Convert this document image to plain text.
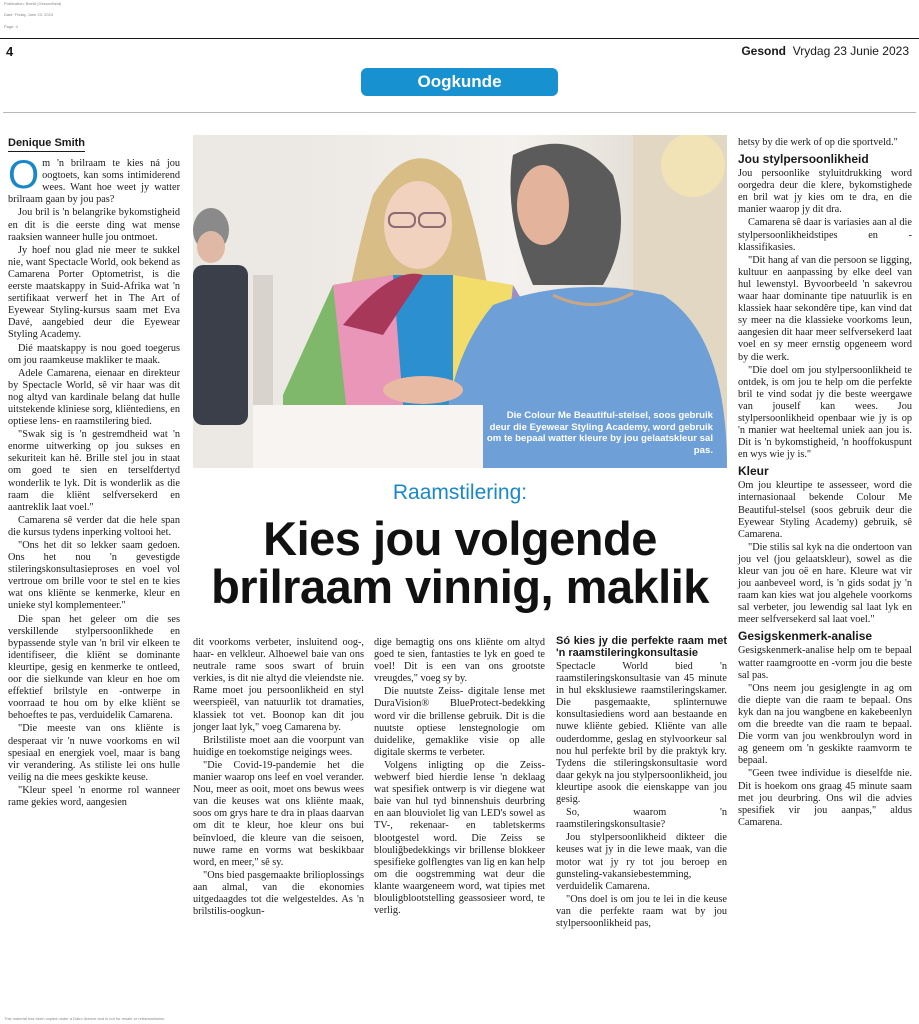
Publication: Beeld (Gesondheid)
Date: Friday, June 23, 2023
Page: 4
4	Gesond Vrydag 23 Junie 2023
Oogkunde
Die Colour Me Beautiful-stelsel, soos gebruik deur die Eyewear Styling Academy, word gebruik om te bepaal watter kleure by jou gelaatskleur sal pas.
Raamstilering:
Kies jou volgende brilraam vinnig, maklik
Denique Smith

Om 'n brilraam te kies ná jou oogtoets, kan soms intimiderend wees. Want hoe weet jy watter brilraam gaan by jou pas?

Jou bril is 'n belangrike bykomstigheid en dit is die eerste ding wat mense raaksien wanneer hulle jou ontmoet.

Jy hoef nou glad nie meer te sukkel nie, want Spectacle World, ook bekend as Camarena Porter Optometrist, is die eerste maatskappy in Suid-Afrika wat 'n sertifikaat verwerf het in The Art of Eyewear Styling-kursus saam met Eva Davé, aangebied deur die Eyewear Styling Academy.

Dié maatskappy is nou goed toegerus om jou raamkeuse makliker te maak.

Adele Camarena, eienaar en direkteur by Spectacle World, sê vir haar was dit nog altyd van kardinale belang dat hulle uitstekende kliniese sorg, kliëntediens, en optiese lens- en raamstilering bied.

"Swak sig is 'n gestremdheid wat 'n enorme uitwerking op jou sukses en sekuriteit kan hê. Brille stel jou in staat om goed te sien en terselfdertyd wonderlik te lyk. Dit is wonderlik as die raam die kliënt selfversekerd en aantreklik laat voel."

Camarena sê verder dat die hele span die kursus tydens inperking voltooi het.

"Ons het dit so lekker saam gedoen. Ons het nou 'n gevestigde stileringskonsultasieproses en voel vol vertroue om brille voor te stel en te kies wat ons kliënte se kenmerke, kleur en unieke styl komplementeer."

Die span het geleer om die ses verskillende stylpersoonlikhede en bypassende style van 'n bril vir elkeen te identifiseer, die kliënt se dominante kleurtipe, gesig en kenmerke te ontleed, oor die sielkunde van kleur en hoe om effektief brilstyle en -ontwerpe in voorraad te hou om by elke kliënt se behoeftes te pas, verduidelik Camarena.

"Die meeste van ons kliënte is desperaat vir 'n nuwe voorkoms en wil spesiaal en energiek voel, maar is bang vir verandering. As stiliste lei ons hulle veilig na die mees geskikte keuse.

"Kleur speel 'n enorme rol wanneer rame gekies word, aangesien

dit voorkoms verbeter, insluitend oog-, haar- en velkleur. Alhoewel baie van ons neutrale rame soos swart of bruin verkies, is dit nie altyd die vleiendste nie. Rame moet jou persoonlikheid en styl weerspieël, van natuurlik tot dramaties, klassiek tot vet. Boonop kan dit jou jonger laat lyk," voeg Camarena by.

Brilstiliste moet aan die voorpunt van huidige en toekomstige neigings wees.

"Die Covid-19-pandemie het die manier waarop ons leef en voel verander. Nou, meer as ooit, moet ons bewus wees van die keuses wat ons kliënte maak, soos om grys hare te dra in plaas daarvan om dit te kleur, hoe kleur ons bui beïnvloed, die kleure van die seisoen, nuwe rame en vorms wat beskikbaar word, en meer," sê sy.

"Ons bied pasgemaakte brilioplossings aan almal, van die ekonomies uitgedaagdes tot die welgesteldes. As 'n brilstilis-oogkun-

dige bemagtig ons ons kliënte om altyd goed te sien, fantasties te lyk en goed te voel! Dit is een van ons grootste vreugdes," voeg sy by.

Die nuutste Zeiss- digitale lense met DuraVision® BlueProtect-bedekking word vir die brillense gebruik. Dit is die nuutste optiese lenstegnologie om duidelike, gemaklike visie op alle digitale skerms te verbeter.

Volgens inligting op die Zeiss-webwerf bied hierdie lense 'n deklaag wat spesifiek ontwerp is vir diegene wat baie van hul tyd binnenshuis deurbring en aan blouviolet lig van LED's sowel as TV-, rekenaar- en tabletskerms blootgestel word. Die Zeiss se blouliğbedekkings vir brillense blokkeer spesifieke golflengtes van lig en kan help om die oogstremming wat deur die klante waargeneem word, wat tipies met blouligblootstelling geassosieer word, te verlig.

Só kies jy die perfekte raam met 'n raamstileringkonsultasie

Spectacle World bied 'n raamstileringskonsultasie van 45 minute in hul eksklusiewe raamstileringskamer. Die pasgemaakte, splinternuwe konsultasiediens word aan bestaande en nuwe kliënte gebied. Kliënte van alle ouderdomme, geslag en stylvoorkeur sal nou hul perfekte bril by die praktyk kry. Tydens die stileringskonsultasie word daar gekyk na jou stylpersoonlikheid, jou kleurtipe asook die eienskappe van jou gesig.

So, waarom 'n raamstileringskonsultasie?

Jou stylpersoonlikheid dikteer die keuses wat jy in die lewe maak, van die motor wat jy ry tot jou beroep en gunsteling-vakansiebestemming, verduidelik Camarena.

"Ons doel is om jou te lei in die keuse van die perfekte raam wat by jou stylpersoonlikheid pas,

hetsy by die werk of op die sportveld."

Jou stylpersoonlikheid

Jou persoonlike styluitdrukking word oorgedra deur die klere, bykomstighede en bril wat jy kies om te dra, en die manier waarop jy dit dra.

Camarena sê daar is variasies aan al die stylpersoonlikheidstipes en -klassifikasies.

"Dit hang af van die persoon se ligging, kultuur en aanpassing by elke deel van hul lewenstyl. Byvoorbeeld 'n sakevrou waar haar dominante tipe natuurlik is en klassiek haar sekondêre tipe, kan vind dat sy meer na die klassieke voorkoms leun, aangesien dit haar meer selfversekerd laat voel en sy meer ernstig opgeneem word by die werk.

"Die doel om jou stylpersoonlikheid te ontdek, is om jou te help om die perfekte bril te vind sodat jy die beste weergawe van jouself kan wees. Jou stylpersoonlikheid openbaar wie jy is op 'n manier wat heeltemal uniek aan jou is. Dit is 'n bykomstigheid, 'n hooffokuspunt en wys wie jy is."

Kleur

Om jou kleurtipe te assesseer, word die internasionaal bekende Colour Me Beautiful-stelsel (soos gebruik deur die Eyewear Styling Academy) gebruik, sê Camarena.

"Die stilis sal kyk na die ondertoon van jou vel (jou gelaatskleur), sowel as die kleur van jou oë en hare. Kleure wat vir jou aanbeveel word, is 'n gids sodat jy 'n raam kan kies wat jou algehele voorkoms sal verbeter, jou lewendig sal laat lyk en meer selfversekerd sal laat voel."

Gesigskenmerk-analise

Gesigskenmerk-analise help om te bepaal watter raamgrootte en -vorm jou die beste sal pas.

"Ons neem jou gesiglengte in ag om die diepte van die raam te bepaal. Ons kyk dan na jou wangbene en kakebeenlyn om die breedte van die raam te bepaal. Die vorm van jou wenkbroulyn word in ag geneem om 'n geskikte raamvorm te bepaal.

"Geen twee individue is dieselfde nie. Dit is hoekom ons graag 45 minute saam met jou deurbring. Ons wil die advies spesifiek vir jou aanpas," aldus Camarena.

This material has been copied under a Dalro licence and is not for resale or retransmission.
